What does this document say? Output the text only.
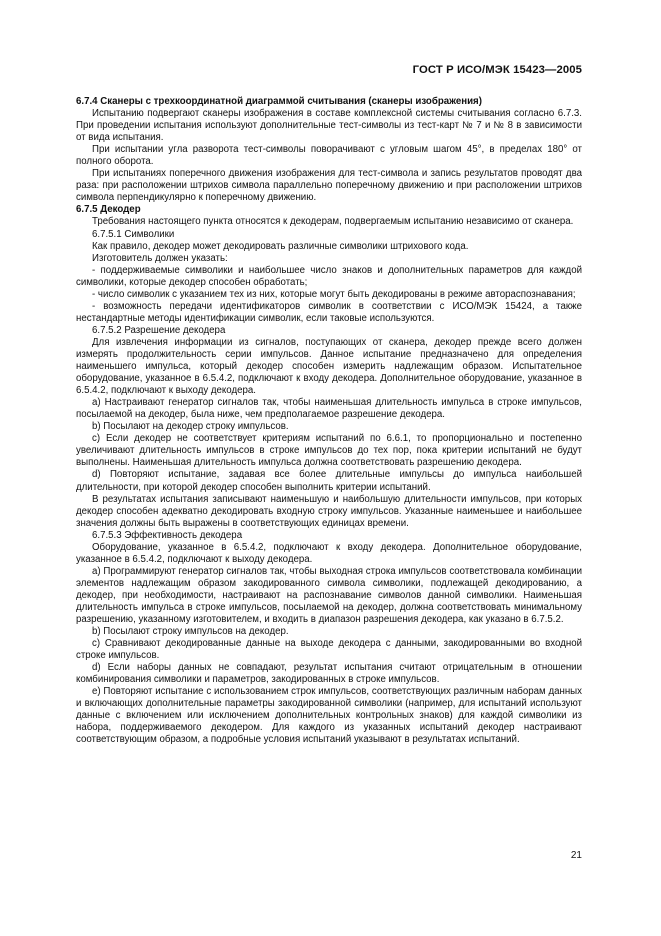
ГОСТ Р ИСО/МЭК 15423—2005

6.7.4 Сканеры с трехкоординатной диаграммой считывания (сканеры изображения)

Испытанию подвергают сканеры изображения в составе комплексной системы считывания согласно 6.7.3. При проведении испытания используют дополнительные тест-символы из тест-карт № 7 и № 8 в зависимости от вида испытания.

При испытании угла разворота тест-символы поворачивают с угловым шагом 45°, в пределах 180° от полного оборота.

При испытаниях поперечного движения изображения для тест-символа и запись результатов проводят два раза: при расположении штрихов символа параллельно поперечному движению и при расположении штрихов символа перпендикулярно к поперечному движению.

6.7.5 Декодер

Требования настоящего пункта относятся к декодерам, подвергаемым испытанию независимо от сканера.

6.7.5.1 Символики

Как правило, декодер может декодировать различные символики штрихового кода.

Изготовитель должен указать:

- поддерживаемые символики и наибольшее число знаков и дополнительных параметров для каждой символики, которые декодер способен обработать;

- число символик с указанием тех из них, которые могут быть декодированы в режиме автораспознавания;

- возможность передачи идентификаторов символик в соответствии с ИСО/МЭК 15424, а также нестандартные методы идентификации символик, если таковые используются.

6.7.5.2 Разрешение декодера

Для извлечения информации из сигналов, поступающих от сканера, декодер прежде всего должен измерять продолжительность серии импульсов. Данное испытание предназначено для определения наименьшего импульса, который декодер способен измерить надлежащим образом. Испытательное оборудование, указанное в 6.5.4.2, подключают к входу декодера. Дополнительное оборудование, указанное в 6.5.4.2, подключают к выходу декодера.

a) Настраивают генератор сигналов так, чтобы наименьшая длительность импульса в строке импульсов, посылаемой на декодер, была ниже, чем предполагаемое разрешение декодера.

b) Посылают на декодер строку импульсов.

c) Если декодер не соответствует критериям испытаний по 6.6.1, то пропорционально и постепенно увеличивают длительность импульсов в строке импульсов до тех пор, пока критерии испытаний не будут выполнены. Наименьшая длительность импульса должна соответствовать разрешению декодера.

d) Повторяют испытание, задавая все более длительные импульсы до импульса наибольшей длительности, при которой декодер способен выполнить критерии испытаний.

В результатах испытания записывают наименьшую и наибольшую длительности импульсов, при которых декодер способен адекватно декодировать входную строку импульсов. Указанные наименьшее и наибольшее значения должны быть выражены в соответствующих единицах времени.

6.7.5.3 Эффективность декодера

Оборудование, указанное в 6.5.4.2, подключают к входу декодера. Дополнительное оборудование, указанное в 6.5.4.2, подключают к выходу декодера.

a) Программируют генератор сигналов так, чтобы выходная строка импульсов соответствовала комбинации элементов надлежащим образом закодированного символа символики, подлежащей декодированию, а декодер, при необходимости, настраивают на распознавание символов данной символики. Наименьшая длительность импульса в строке импульсов, посылаемой на декодер, должна соответствовать минимальному разрешению, указанному изготовителем, и входить в диапазон разрешения декодера, как указано в 6.7.5.2.

b) Посылают строку импульсов на декодер.

c) Сравнивают декодированные данные на выходе декодера с данными, закодированными во входной строке импульсов.

d) Если наборы данных не совпадают, результат испытания считают отрицательным в отношении комбинирования символики и параметров, закодированных в строке импульсов.

e) Повторяют испытание с использованием строк импульсов, соответствующих различным наборам данных и включающих дополнительные параметры закодированной символики (например, для испытаний используют данные с включением или исключением дополнительных контрольных знаков) для каждой символики из набора, поддерживаемого декодером. Для каждого из указанных испытаний декодер настраивают соответствующим образом, а подробные условия испытаний указывают в результатах испытаний.

21
